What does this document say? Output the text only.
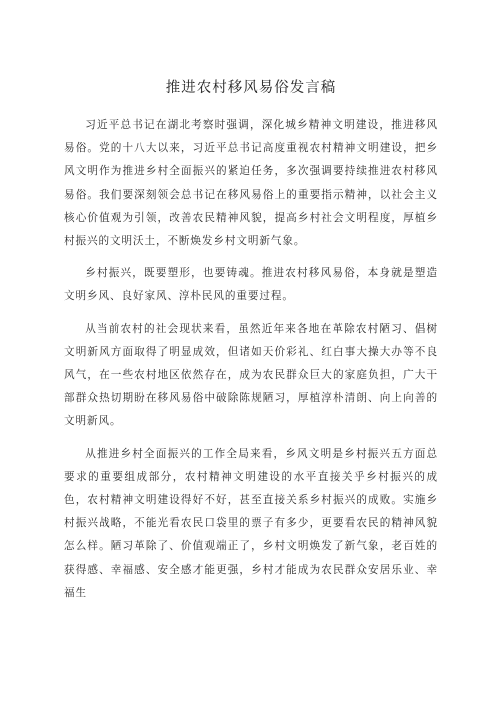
推进农村移风易俗发言稿

习近平总书记在湖北考察时强调，深化城乡精神文明建设，推进移风易俗。党的十八大以来，习近平总书记高度重视农村精神文明建设，把乡风文明作为推进乡村全面振兴的紧迫任务，多次强调要持续推进农村移风易俗。我们要深刻领会总书记在移风易俗上的重要指示精神，以社会主义核心价值观为引领，改善农民精神风貌，提高乡村社会文明程度，厚植乡村振兴的文明沃土，不断焕发乡村文明新气象。

乡村振兴，既要塑形，也要铸魂。推进农村移风易俗，本身就是塑造文明乡风、良好家风、淳朴民风的重要过程。

从当前农村的社会现状来看，虽然近年来各地在革除农村陋习、倡树文明新风方面取得了明显成效，但诸如天价彩礼、红白事大操大办等不良风气，在一些农村地区依然存在，成为农民群众巨大的家庭负担，广大干部群众热切期盼在移风易俗中破除陈规陋习，厚植淳朴清朗、向上向善的文明新风。

从推进乡村全面振兴的工作全局来看，乡风文明是乡村振兴五方面总要求的重要组成部分，农村精神文明建设的水平直接关乎乡村振兴的成色，农村精神文明建设得好不好，甚至直接关系乡村振兴的成败。实施乡村振兴战略，不能光看农民口袋里的票子有多少，更要看农民的精神风貌怎么样。陋习革除了、价值观端正了，乡村文明焕发了新气象，老百姓的获得感、幸福感、安全感才能更强，乡村才能成为农民群众安居乐业、幸福生
